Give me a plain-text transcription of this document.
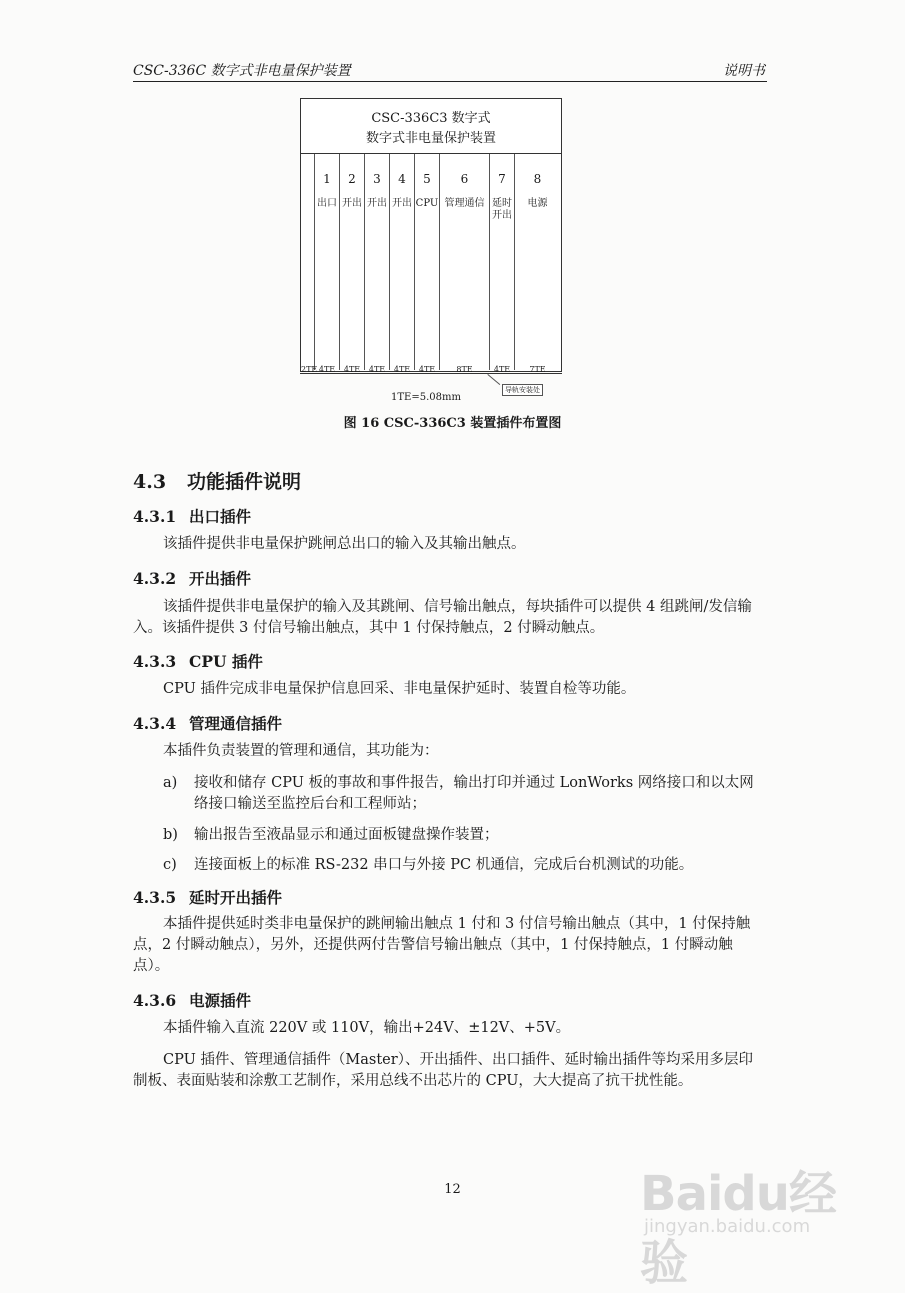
CSC-336C 数字式非电量保护装置	说明书
CSC-336C3 数字式
数字式非电量保护装置
2TE
1
出口
4TE
2
开出
4TE
3
开出
4TE
4
开出
4TE
5
CPU
4TE
6
管理通信
8TE
7
延时
开出
4TE
8
电源
7TE
导轨安装处
1TE=5.08mm
图 16 CSC-336C3 装置插件布置图
4.3 功能插件说明
4.3.1 出口插件
该插件提供非电量保护跳闸总出口的输入及其输出触点。
4.3.2 开出插件
该插件提供非电量保护的输入及其跳闸、信号输出触点，每块插件可以提供 4 组跳闸/发信输入。该插件提供 3 付信号输出触点，其中 1 付保持触点，2 付瞬动触点。
4.3.3 CPU 插件
CPU 插件完成非电量保护信息回采、非电量保护延时、装置自检等功能。
4.3.4 管理通信插件
本插件负责装置的管理和通信，其功能为：
a) 接收和储存 CPU 板的事故和事件报告，输出打印并通过 LonWorks 网络接口和以太网络接口输送至监控后台和工程师站；
b) 输出报告至液晶显示和通过面板键盘操作装置；
c) 连接面板上的标准 RS-232 串口与外接 PC 机通信，完成后台机测试的功能。
4.3.5 延时开出插件
本插件提供延时类非电量保护的跳闸输出触点 1 付和 3 付信号输出触点（其中，1 付保持触点，2 付瞬动触点），另外，还提供两付告警信号输出触点（其中，1 付保持触点，1 付瞬动触点）。
4.3.6 电源插件
本插件输入直流 220V 或 110V，输出+24V、±12V、+5V。
CPU 插件、管理通信插件（Master）、开出插件、出口插件、延时输出插件等均采用多层印制板、表面贴装和涂敷工艺制作，采用总线不出芯片的 CPU，大大提高了抗干扰性能。
12	Baidu经验
jingyan.baidu.com
